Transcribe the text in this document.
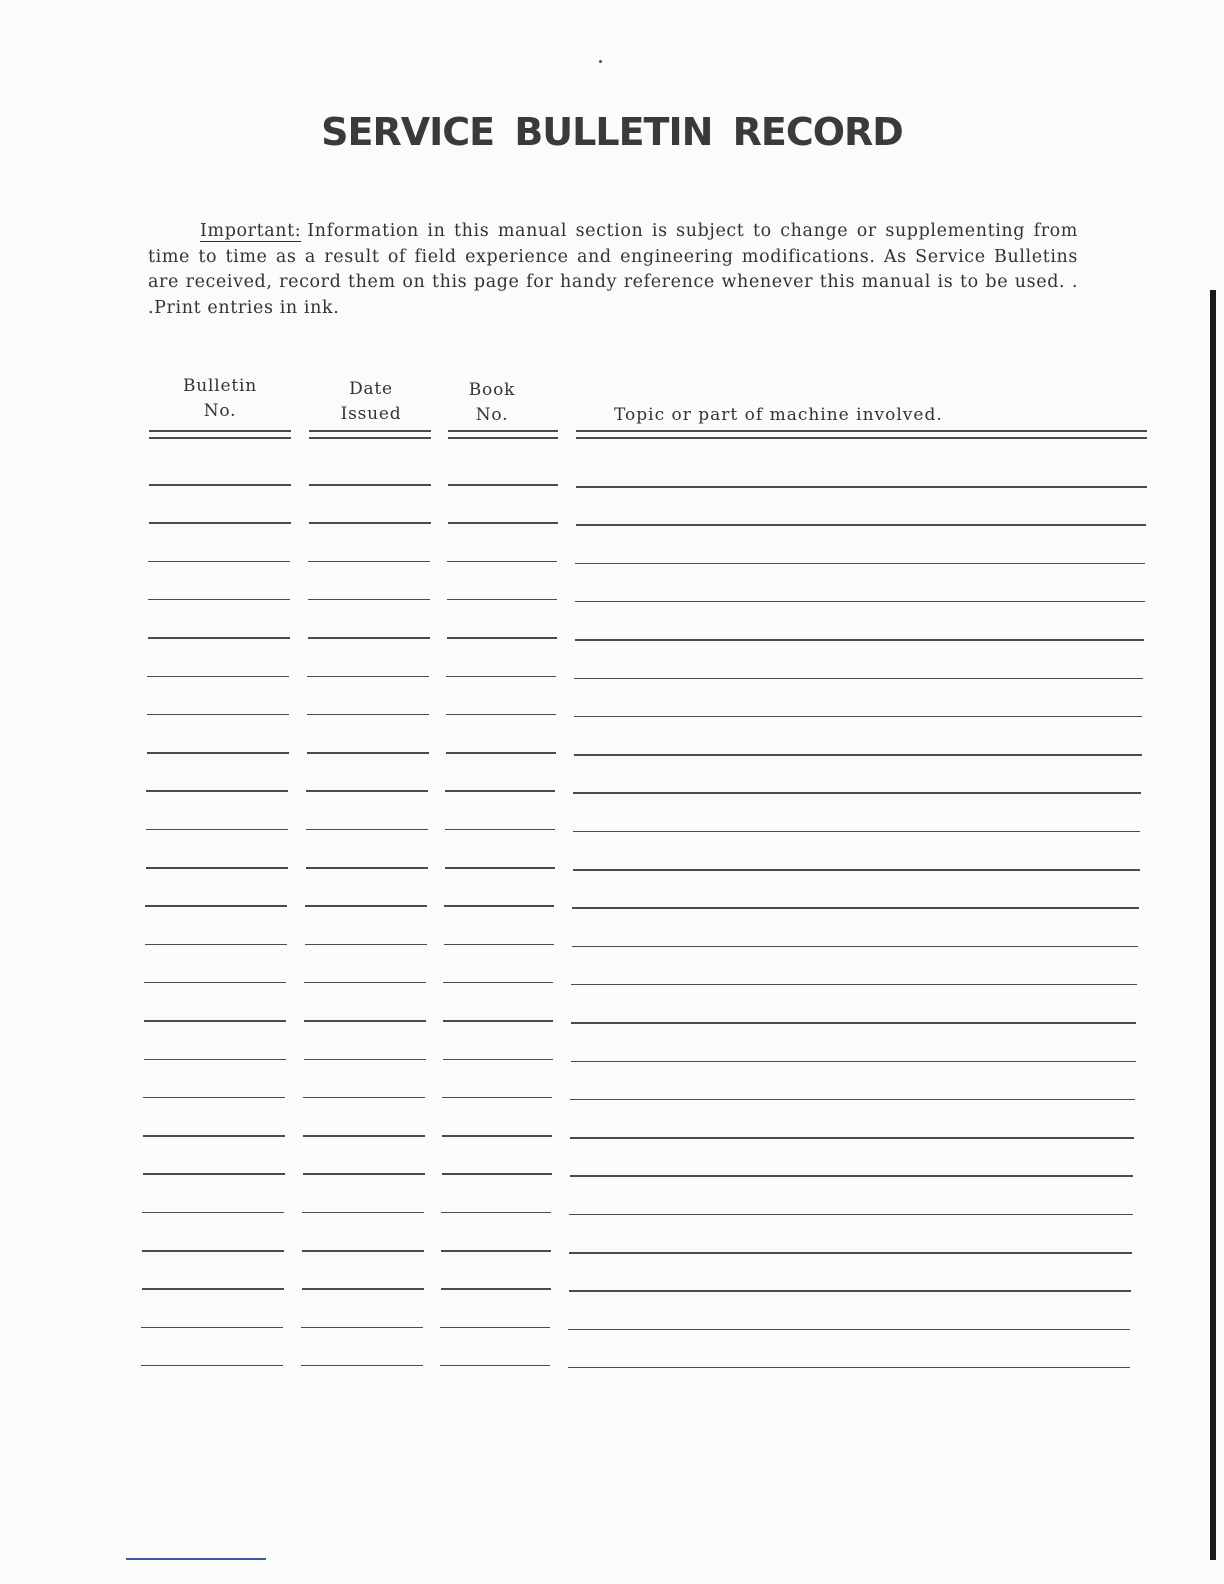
SERVICE BULLETIN RECORD

Important: Information in this manual section is subject to change or supplementing from time to time as a result of field experience and engineering modifications. As Service Bulletins are received, record them on this page for handy reference whenever this manual is to be used. . .Print entries in ink.

Bulletin
No.
Date
Issued
Book
No.	Topic or part of machine involved.
